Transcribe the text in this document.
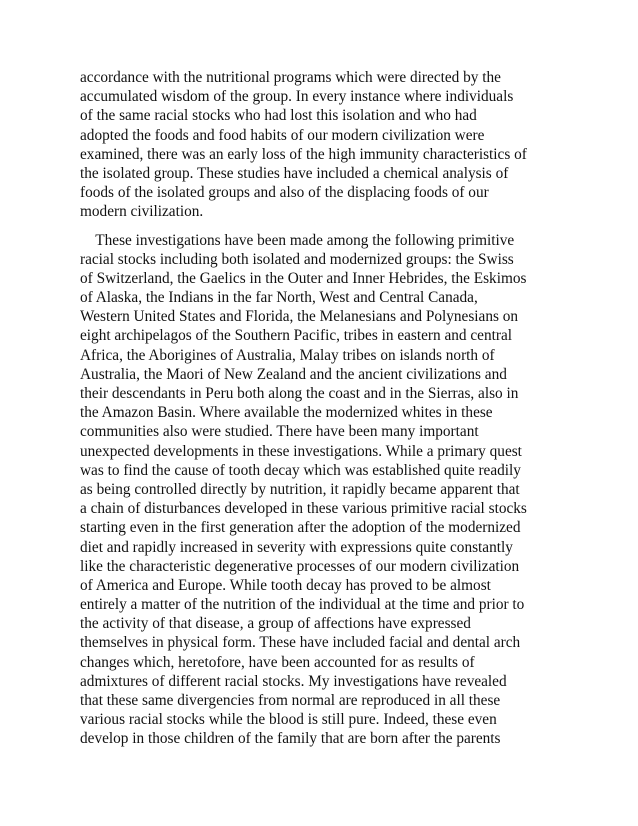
accordance with the nutritional programs which were directed by the
accumulated wisdom of the group. In every instance where individuals
of the same racial stocks who had lost this isolation and who had
adopted the foods and food habits of our modern civilization were
examined, there was an early loss of the high immunity characteristics of
the isolated group. These studies have included a chemical analysis of
foods of the isolated groups and also of the displacing foods of our
modern civilization.
These investigations have been made among the following primitive
racial stocks including both isolated and modernized groups: the Swiss
of Switzerland, the Gaelics in the Outer and Inner Hebrides, the Eskimos
of Alaska, the Indians in the far North, West and Central Canada,
Western United States and Florida, the Melanesians and Polynesians on
eight archipelagos of the Southern Pacific, tribes in eastern and central
Africa, the Aborigines of Australia, Malay tribes on islands north of
Australia, the Maori of New Zealand and the ancient civilizations and
their descendants in Peru both along the coast and in the Sierras, also in
the Amazon Basin. Where available the modernized whites in these
communities also were studied. There have been many important
unexpected developments in these investigations. While a primary quest
was to find the cause of tooth decay which was established quite readily
as being controlled directly by nutrition, it rapidly became apparent that
a chain of disturbances developed in these various primitive racial stocks
starting even in the first generation after the adoption of the modernized
diet and rapidly increased in severity with expressions quite constantly
like the characteristic degenerative processes of our modern civilization
of America and Europe. While tooth decay has proved to be almost
entirely a matter of the nutrition of the individual at the time and prior to
the activity of that disease, a group of affections have expressed
themselves in physical form. These have included facial and dental arch
changes which, heretofore, have been accounted for as results of
admixtures of different racial stocks. My investigations have revealed
that these same divergencies from normal are reproduced in all these
various racial stocks while the blood is still pure. Indeed, these even
develop in those children of the family that are born after the parents
